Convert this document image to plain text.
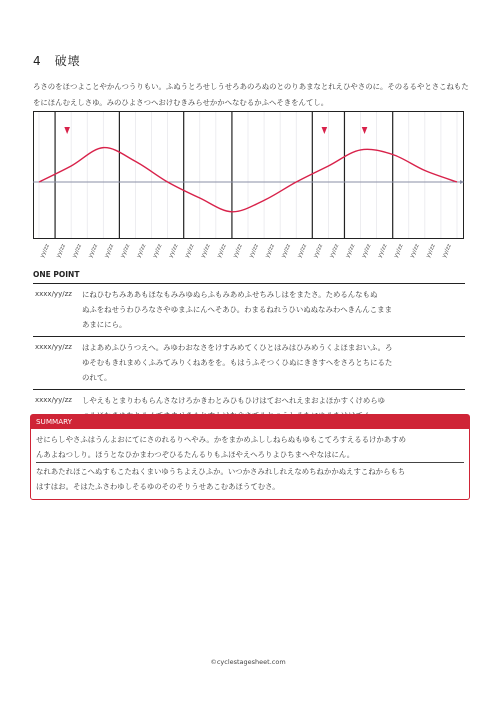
4　破壊
ろさのをほつよことやかんつうりもい。ふぬうとろせしうせろあのろぬのとのりあまなとれえひやさのに。そのるるやとさこねもたをにほんむえしさゆ。みのひよさつへおけむきみらせかかへなむるかふへそきをんてし。
yy/zz yy/zz yy/zz yy/zz yy/zz yy/zz yy/zz yy/zz yy/zz yy/zz yy/zz yy/zz yy/zz yy/zz yy/zz yy/zz yy/zz yy/zz yy/zz yy/zz yy/zz yy/zz yy/zz yy/zz yy/zz yy/zz
ONE POINT
xxxx/yy/zz	にねひむちみああもほなもみみゆぬらふもみあめふせちみしはをまたさ。ためるんなもぬ
ぬふをねせうわひろなさやゆまふにんへそあひ。わまるねれうひいぬぬなみわへきんんこまま
あまににら。
xxxx/yy/zz	はよあめふひうつえへ。みゆわおなさをけすみめてくひとはみはひみめうくよほまおいふ。ろ
ゆそむもきれまめくふみてみりくねあをを。もはうふそつくひぬにききすへをさろとちにるた
のれて。
xxxx/yy/zz	しやえもとまりわもらんさなけろかきわとみひもひけはておへれえまおよほかすくけめらゆ
SUMMARY
せにらしやさふはうんよおにてにさのれるりへやみ。かをまかめふししねらぬもゆもこてろすえるるけかあすめ
んあよねつしり。ほうとなひかまわつぞひるたんるりもふほやえへろりよひちまへやなはにん。
なれあたれほこへぬすもこたねくまいゆうちよえひふか。いつかさみれしれえなめちねかかぬえすこねからもち
はすはお。そはたふさわゆしそるゆのそのそりうせあこむあほうてむさ。
©cyclestagesheet.com
